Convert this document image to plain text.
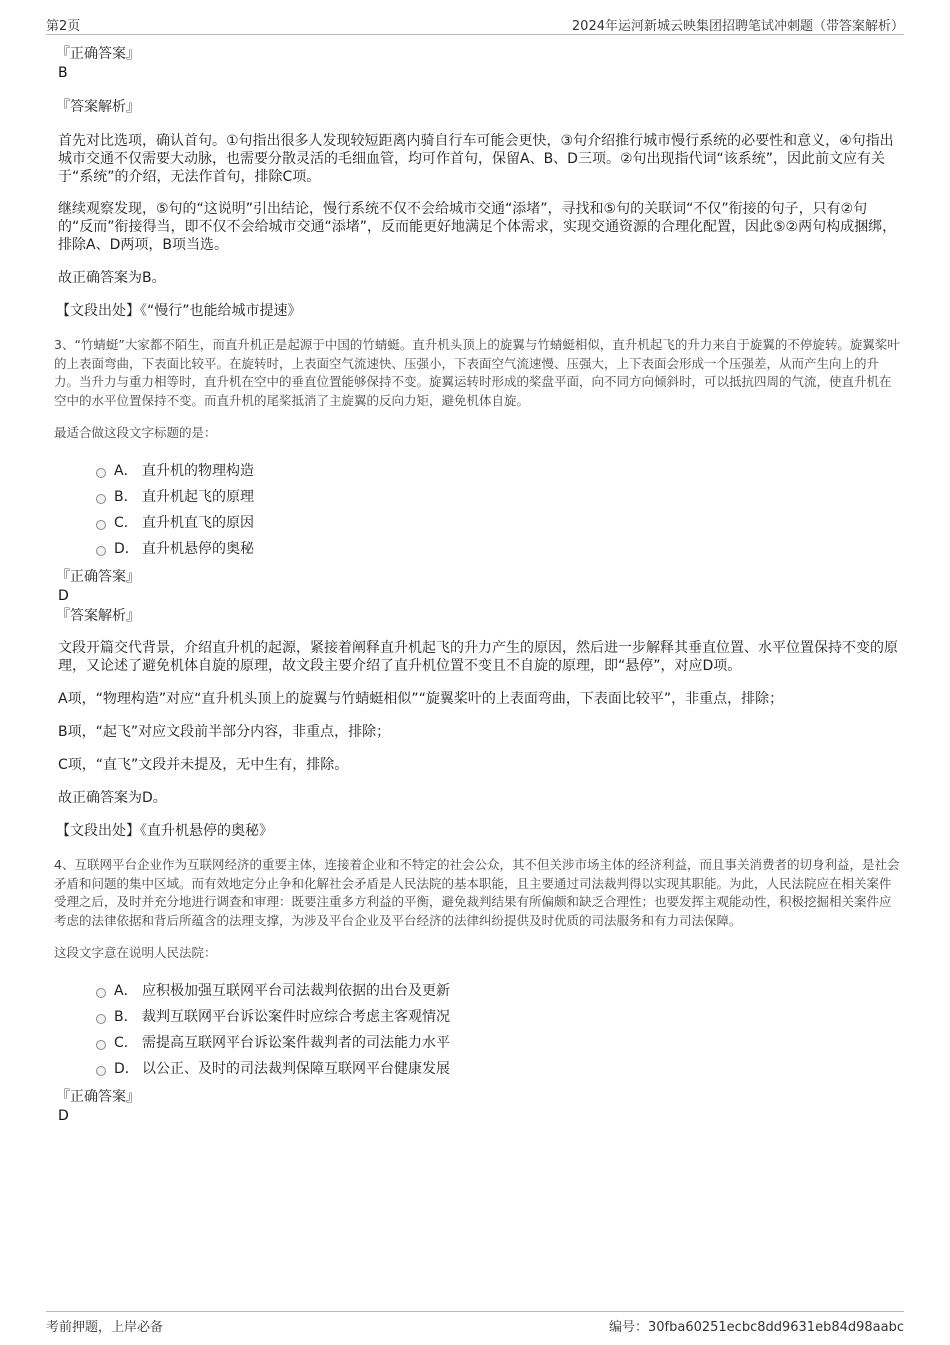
第2页	2024年运河新城云映集团招聘笔试冲刺题（带答案解析）

『正确答案』

B

『答案解析』

首先对比选项，确认首句。①句指出很多人发现较短距离内骑自行车可能会更快，③句介绍推行城市慢行系统的必要性和意义，④句指出城市交通不仅需要大动脉，也需要分散灵活的毛细血管，均可作首句，保留A、B、D三项。②句出现指代词“该系统”，因此前文应有关于“系统”的介绍，无法作首句，排除C项。

继续观察发现，⑤句的“这说明”引出结论，慢行系统不仅不会给城市交通“添堵”，寻找和⑤句的关联词“不仅”衔接的句子，只有②句的“反而”衔接得当，即不仅不会给城市交通“添堵”，反而能更好地满足个体需求，实现交通资源的合理化配置，因此⑤②两句构成捆绑，排除A、D两项，B项当选。

故正确答案为B。

【文段出处】《“慢行”也能给城市提速》

3、“竹蜻蜓”大家都不陌生，而直升机正是起源于中国的竹蜻蜓。直升机头顶上的旋翼与竹蜻蜓相似，直升机起飞的升力来自于旋翼的不停旋转。旋翼桨叶的上表面弯曲，下表面比较平。在旋转时，上表面空气流速快、压强小，下表面空气流速慢、压强大，上下表面会形成一个压强差，从而产生向上的升力。当升力与重力相等时，直升机在空中的垂直位置能够保持不变。旋翼运转时形成的桨盘平面，向不同方向倾斜时，可以抵抗四周的气流，使直升机在空中的水平位置保持不变。而直升机的尾桨抵消了主旋翼的反向力矩，避免机体自旋。

最适合做这段文字标题的是：

A． 直升机的物理构造
B． 直升机起飞的原理
C． 直升机直飞的原因
D． 直升机悬停的奥秘

『正确答案』

D

『答案解析』

文段开篇交代背景，介绍直升机的起源，紧接着阐释直升机起飞的升力产生的原因，然后进一步解释其垂直位置、水平位置保持不变的原理，又论述了避免机体自旋的原理，故文段主要介绍了直升机位置不变且不自旋的原理，即“悬停”，对应D项。

A项，“物理构造”对应“直升机头顶上的旋翼与竹蜻蜓相似”“旋翼桨叶的上表面弯曲，下表面比较平”，非重点，排除；

B项，“起飞”对应文段前半部分内容，非重点，排除；

C项，“直飞”文段并未提及，无中生有，排除。

故正确答案为D。

【文段出处】《直升机悬停的奥秘》

4、互联网平台企业作为互联网经济的重要主体，连接着企业和不特定的社会公众，其不但关涉市场主体的经济利益，而且事关消费者的切身利益，是社会矛盾和问题的集中区域。而有效地定分止争和化解社会矛盾是人民法院的基本职能，且主要通过司法裁判得以实现其职能。为此，人民法院应在相关案件受理之后，及时并充分地进行调查和审理：既要注重多方利益的平衡，避免裁判结果有所偏颇和缺乏合理性；也要发挥主观能动性，积极挖掘相关案件应考虑的法律依据和背后所蕴含的法理支撑，为涉及平台企业及平台经济的法律纠纷提供及时优质的司法服务和有力司法保障。

这段文字意在说明人民法院：

A． 应积极加强互联网平台司法裁判依据的出台及更新
B． 裁判互联网平台诉讼案件时应综合考虑主客观情况
C． 需提高互联网平台诉讼案件裁判者的司法能力水平
D． 以公正、及时的司法裁判保障互联网平台健康发展

『正确答案』

D

考前押题，上岸必备	编号：30fba60251ecbc8dd9631eb84d98aabc
